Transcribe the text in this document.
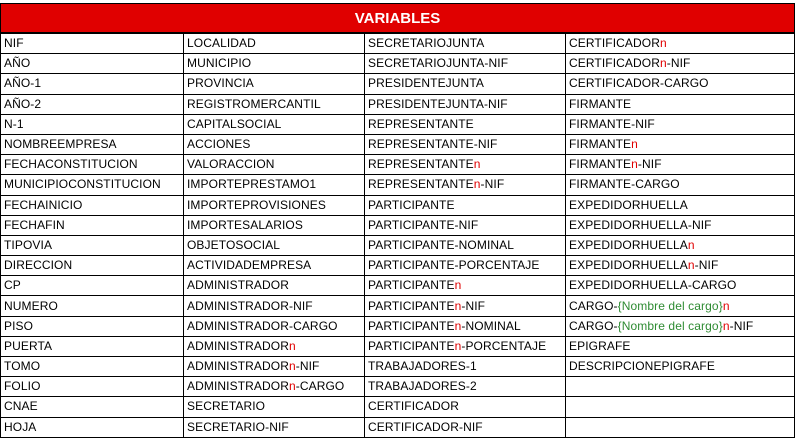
VARIABLES			
NIF	LOCALIDAD	SECRETARIOJUNTA	CERTIFICADORn
AÑO	MUNICIPIO	SECRETARIOJUNTA-NIF	CERTIFICADORn-NIF
AÑO-1	PROVINCIA	PRESIDENTEJUNTA	CERTIFICADOR-CARGO
AÑO-2	REGISTROMERCANTIL	PRESIDENTEJUNTA-NIF	FIRMANTE
N-1	CAPITALSOCIAL	REPRESENTANTE	FIRMANTE-NIF
NOMBREEMPRESA	ACCIONES	REPRESENTANTE-NIF	FIRMANTEn
FECHACONSTITUCION	VALORACCION	REPRESENTANTEn	FIRMANTEn-NIF
MUNICIPIOCONSTITUCION	IMPORTEPRESTAMO1	REPRESENTANTEn-NIF	FIRMANTE-CARGO
FECHAINICIO	IMPORTEPROVISIONES	PARTICIPANTE	EXPEDIDORHUELLA
FECHAFIN	IMPORTESALARIOS	PARTICIPANTE-NIF	EXPEDIDORHUELLA-NIF
TIPOVIA	OBJETOSOCIAL	PARTICIPANTE-NOMINAL	EXPEDIDORHUELLAn
DIRECCION	ACTIVIDADEMPRESA	PARTICIPANTE-PORCENTAJE	EXPEDIDORHUELLAn-NIF
CP	ADMINISTRADOR	PARTICIPANTEn	EXPEDIDORHUELLA-CARGO
NUMERO	ADMINISTRADOR-NIF	PARTICIPANTEn-NIF	CARGO-{Nombre del cargo}n
PISO	ADMINISTRADOR-CARGO	PARTICIPANTEn-NOMINAL	CARGO-{Nombre del cargo}n-NIF
PUERTA	ADMINISTRADORn	PARTICIPANTEn-PORCENTAJE	EPIGRAFE
TOMO	ADMINISTRADORn-NIF	TRABAJADORES-1	DESCRIPCIONEPIGRAFE
FOLIO	ADMINISTRADORn-CARGO	TRABAJADORES-2	
CNAE	SECRETARIO	CERTIFICADOR	
HOJA	SECRETARIO-NIF	CERTIFICADOR-NIF	
